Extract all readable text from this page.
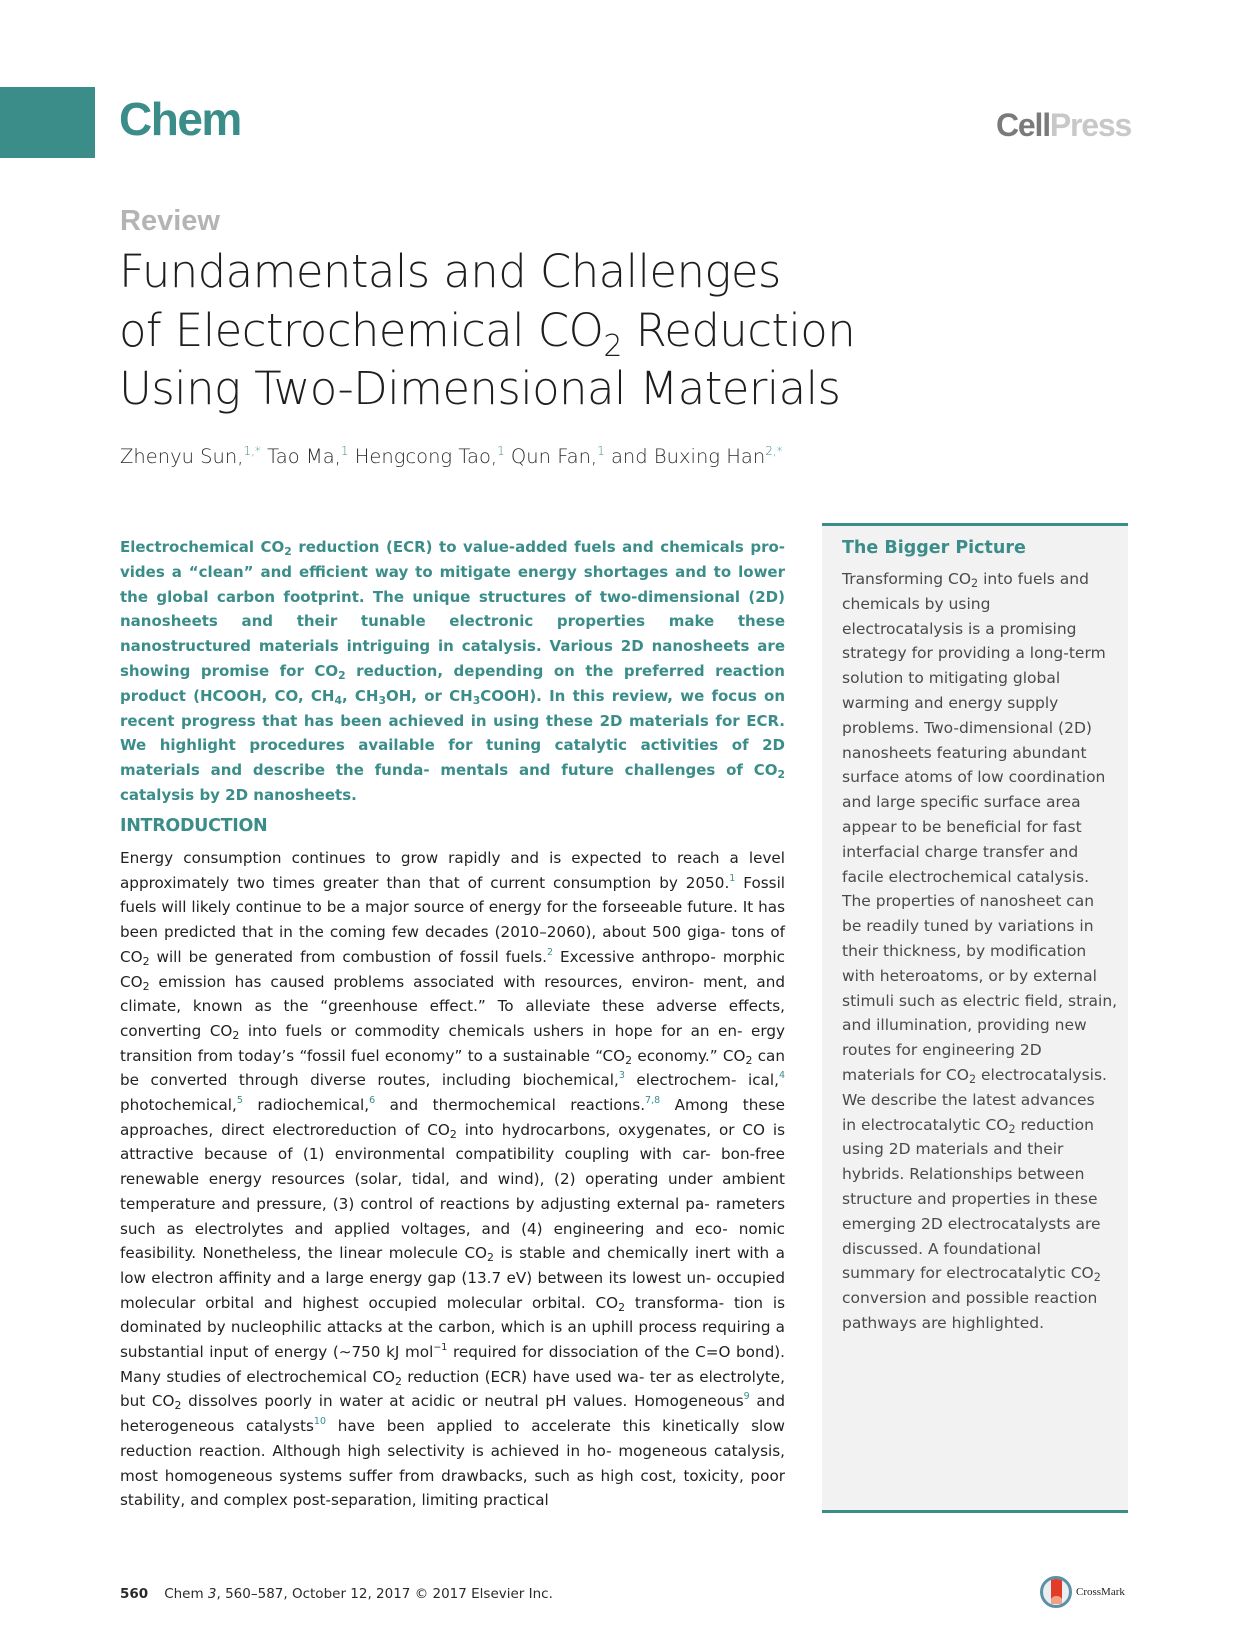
Chem	CellPress
Review
Fundamentals and Challenges
of Electrochemical $CO_2$ Reduction
Using Two-Dimensional Materials
Zhenyu Sun,$^{1,*}$ Tao Ma,$^1$ Hengcong Tao,$^1$ Qun Fan,$^1$ and Buxing Han$^{2,*}$

Electrochemical $CO_2$ reduction (ECR) to value-added fuels and chemicals pro- vides a “clean” and efficient way to mitigate energy shortages and to lower the global carbon footprint. The unique structures of two-dimensional (2D) nanosheets and their tunable electronic properties make these nanostructured materials intriguing in catalysis. Various 2D nanosheets are showing promise for $CO_2$ reduction, depending on the preferred reaction product (HCOOH, CO, $CH_4$, $CH_3OH$, or $CH_3COOH$). In this review, we focus on recent progress that has been achieved in using these 2D materials for ECR. We highlight procedures available for tuning catalytic activities of 2D materials and describe the funda- mentals and future challenges of $CO_2$ catalysis by 2D nanosheets.

INTRODUCTION

Energy consumption continues to grow rapidly and is expected to reach a level approximately two times greater than that of current consumption by 2050.$^1$ Fossil fuels will likely continue to be a major source of energy for the forseeable future. It has been predicted that in the coming few decades (2010–2060), about 500 giga- tons of $CO_2$ will be generated from combustion of fossil fuels.$^2$ Excessive anthropo- morphic $CO_2$ emission has caused problems associated with resources, environ- ment, and climate, known as the “greenhouse effect.” To alleviate these adverse effects, converting $CO_2$ into fuels or commodity chemicals ushers in hope for an en- ergy transition from today’s “fossil fuel economy” to a sustainable “$CO_2$ economy.” $CO_2$ can be converted through diverse routes, including biochemical,$^3$ electrochem- ical,$^4$ photochemical,$^5$ radiochemical,$^6$ and thermochemical reactions.$^{7,8}$ Among these approaches, direct electroreduction of $CO_2$ into hydrocarbons, oxygenates, or CO is attractive because of (1) environmental compatibility coupling with car- bon-free renewable energy resources (solar, tidal, and wind), (2) operating under ambient temperature and pressure, (3) control of reactions by adjusting external pa- rameters such as electrolytes and applied voltages, and (4) engineering and eco- nomic feasibility. Nonetheless, the linear molecule $CO_2$ is stable and chemically inert with a low electron affinity and a large energy gap (13.7 eV) between its lowest un- occupied molecular orbital and highest occupied molecular orbital. $CO_2$ transforma- tion is dominated by nucleophilic attacks at the carbon, which is an uphill process requiring a substantial input of energy (∼750 kJ mol$^{-1}$ required for dissociation of the C=O bond). Many studies of electrochemical $CO_2$ reduction (ECR) have used wa- ter as electrolyte, but $CO_2$ dissolves poorly in water at acidic or neutral pH values. Homogeneous$^9$ and heterogeneous catalysts$^{10}$ have been applied to accelerate this kinetically slow reduction reaction. Although high selectivity is achieved in ho- mogeneous catalysis, most homogeneous systems suffer from drawbacks, such as high cost, toxicity, poor stability, and complex post-separation, limiting practical

The Bigger Picture
Transforming $CO_2$ into fuels and
chemicals by using
electrocatalysis is a promising
strategy for providing a long-term
solution to mitigating global
warming and energy supply
problems. Two-dimensional (2D)
nanosheets featuring abundant
surface atoms of low coordination
and large specific surface area
appear to be beneficial for fast
interfacial charge transfer and
facile electrochemical catalysis.
The properties of nanosheet can
be readily tuned by variations in
their thickness, by modification
with heteroatoms, or by external
stimuli such as electric field, strain,
and illumination, providing new
routes for engineering 2D
materials for $CO_2$ electrocatalysis.
We describe the latest advances
in electrocatalytic $CO_2$ reduction
using 2D materials and their
hybrids. Relationships between
structure and properties in these
emerging 2D electrocatalysts are
discussed. A foundational
summary for electrocatalytic $CO_2$
conversion and possible reaction
pathways are highlighted.
560 Chem 3, 560–587, October 12, 2017 © 2017 Elsevier Inc.	CrossMark
